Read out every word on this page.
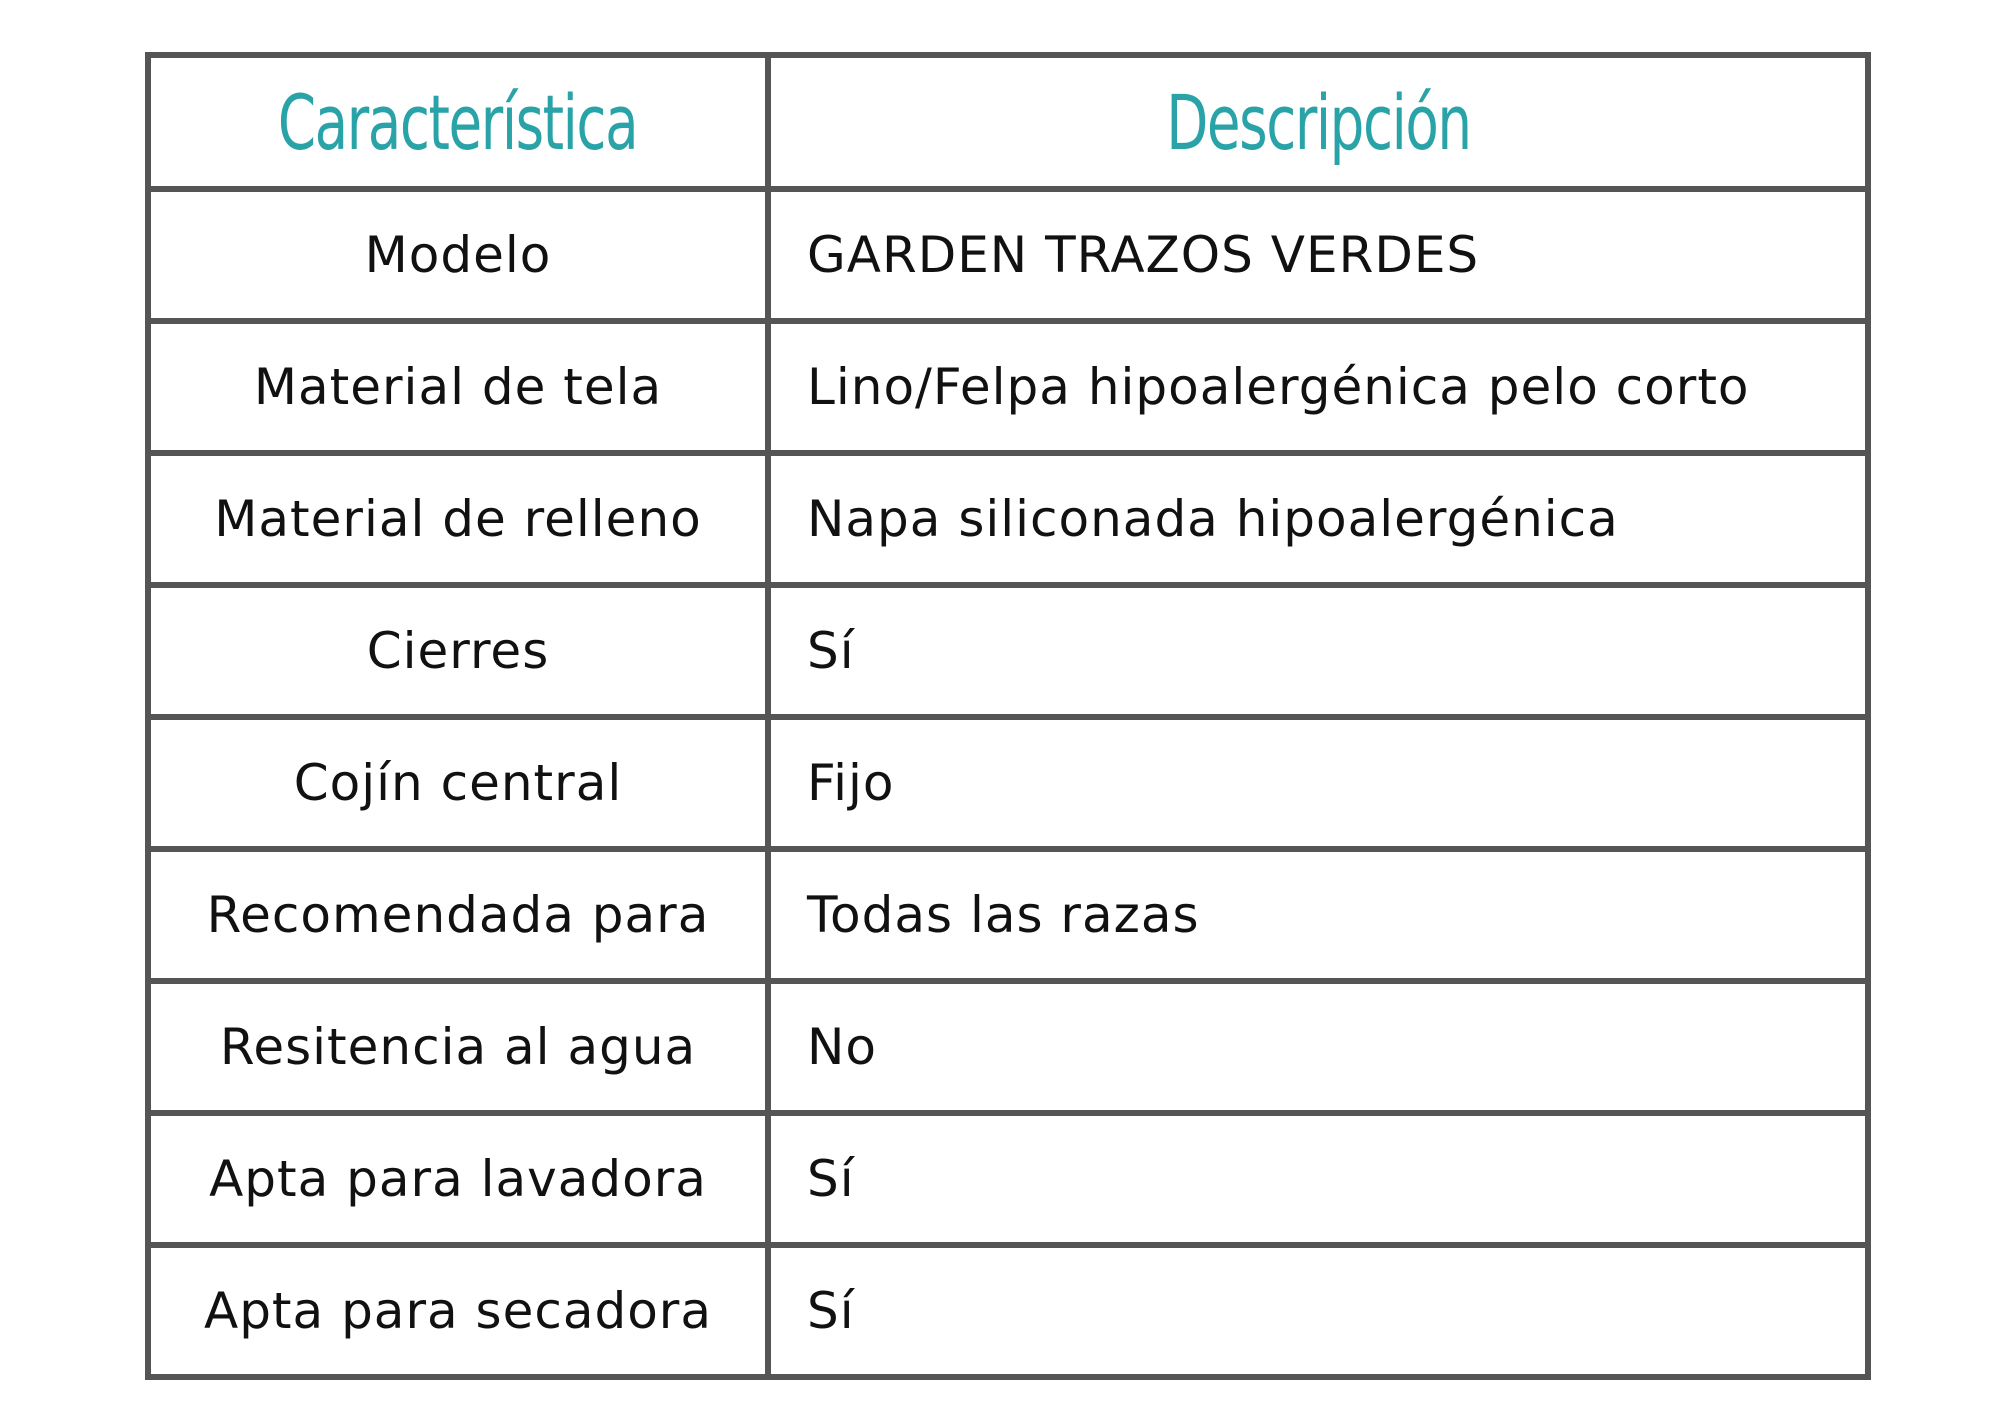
Característica	Descripción
Modelo	GARDEN TRAZOS VERDES
Material de tela	Lino/Felpa hipoalergénica pelo corto
Material de relleno	Napa siliconada hipoalergénica
Cierres	Sí
Cojín central	Fijo
Recomendada para	Todas las razas
Resitencia al agua	No
Apta para lavadora	Sí
Apta para secadora	Sí
